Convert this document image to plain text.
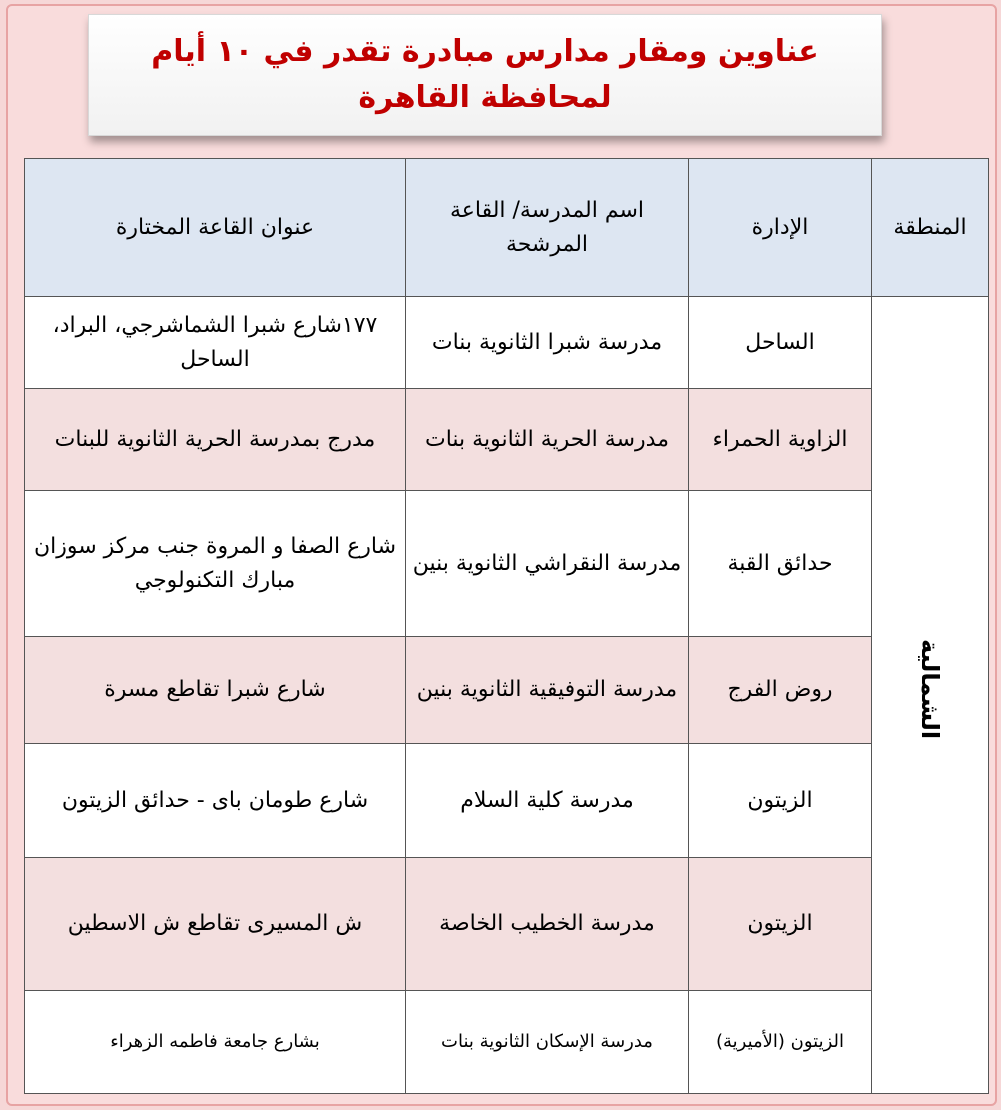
عناوين ومقار مدارس مبادرة تقدر في ١٠ أيام
لمحافظة القاهرة
المنطقة	الإدارة	اسم المدرسة/ القاعة المرشحة	عنوان القاعة المختارة
الشمالية	الساحل	مدرسة شبرا الثانوية بنات	١٧٧شارع شبرا الشماشرجي، البراد، الساحل
	الزاوية الحمراء	مدرسة الحرية الثانوية بنات	مدرج بمدرسة الحرية الثانوية للبنات
	حدائق القبة	مدرسة النقراشي الثانوية بنين	شارع الصفا و المروة جنب مركز سوزان مبارك التكنولوجي
	روض الفرج	مدرسة التوفيقية الثانوية بنين	شارع شبرا تقاطع مسرة
	الزيتون	مدرسة كلية السلام	شارع طومان باى - حدائق الزيتون
	الزيتون	مدرسة الخطيب الخاصة	ش المسيرى تقاطع ش الاسطين
	الزيتون (الأميرية)	مدرسة الإسكان الثانوية بنات	بشارع جامعة فاطمه الزهراء
